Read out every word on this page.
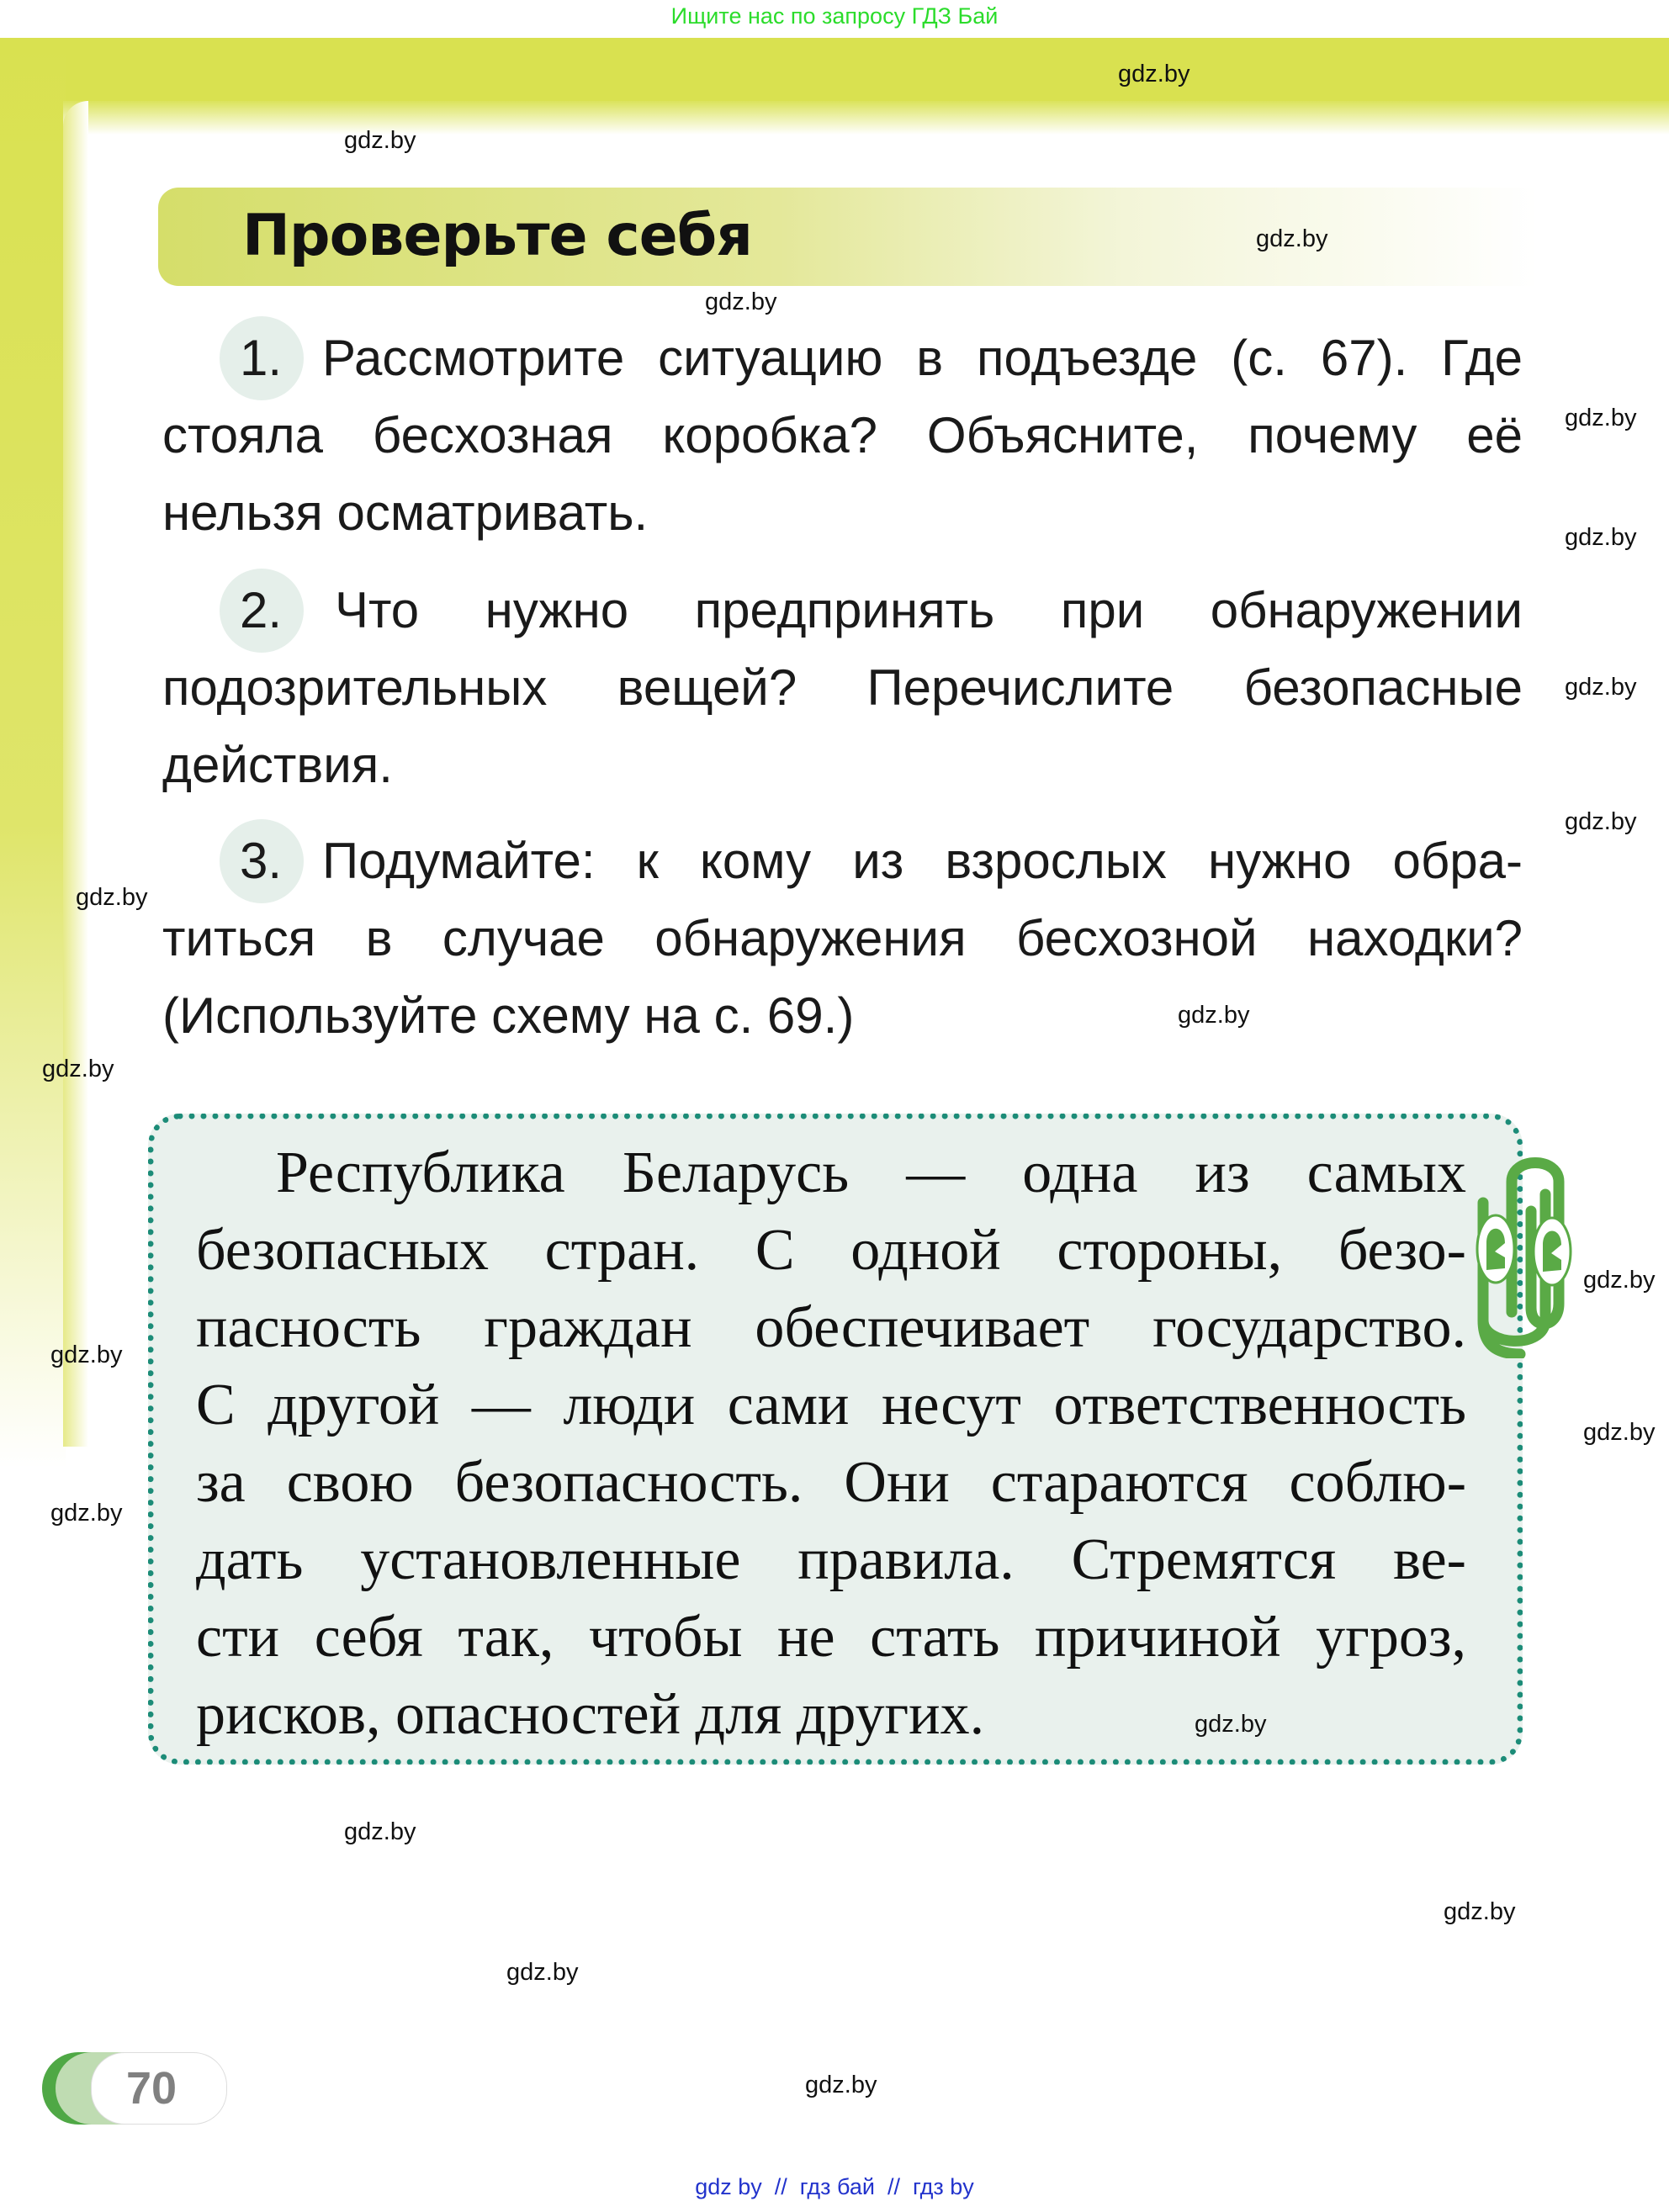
Ищите нас по запросу ГДЗ Бай
Проверьте себя
1. Рассмотрите ситуацию в подъезде (с. 67). Где
стояла бесхозная коробка? Объясните, почему её
нельзя осматривать.
2.	Что нужно предпринять при обнаружении
подозрительных вещей? Перечислите безопасные
действия.
3. Подумайте: к кому из взрослых нужно обра-
титься в случае обнаружения бесхозной находки?
(Используйте схему на с. 69.)
Республика Беларусь — одна из самых
безопасных стран. С одной стороны, безо-
пасность граждан обеспечивает государство.
С другой — люди сами несут ответственность
за свою безопасность. Они стараются соблю-
дать установленные правила. Стремятся ве-
сти себя так, чтобы не стать причиной угроз,
рисков, опасностей для других.
gdz.by
gdz.by
gdz.by
gdz.by
gdz.by
gdz.by
gdz.by
gdz.by
gdz.by
gdz.by
gdz.by
gdz.by
gdz.by
gdz.by
gdz.by
gdz.by
gdz.by
gdz.by
gdz.by
gdz.by
70
gdz by  //  гдз бай  //  гдз by
